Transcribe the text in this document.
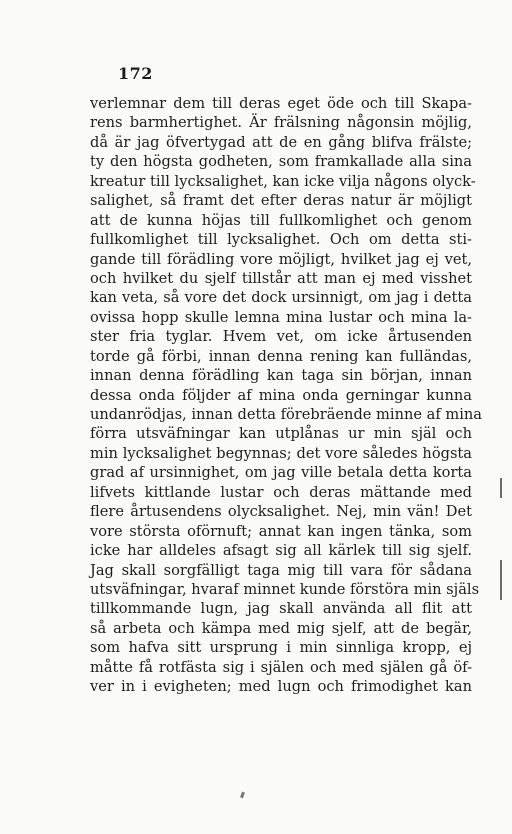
172
verlemnar dem till deras eget öde och till Skapa-
rens barmhertighet. Är frälsning någonsin möjlig,
då är jag öfvertygad att de en gång blifva frälste;
ty den högsta godheten, som framkallade alla sina
kreatur till lycksalighet, kan icke vilja någons olyck-
salighet, så framt det efter deras natur är möjligt
att de kunna höjas till fullkomlighet och genom
fullkomlighet till lycksalighet. Och om detta sti-
gande till förädling vore möjligt, hvilket jag ej vet,
och hvilket du sjelf tillstår att man ej med visshet
kan veta, så vore det dock ursinnigt, om jag i detta
ovissa hopp skulle lemna mina lustar och mina la-
ster fria tyglar. Hvem vet, om icke årtusenden
torde gå förbi, innan denna rening kan fulländas,
innan denna förädling kan taga sin början, innan
dessa onda följder af mina onda gerningar kunna
undanrödjas, innan detta förebräende minne af mina
förra utsväfningar kan utplånas ur min själ och
min lycksalighet begynnas; det vore således högsta
grad af ursinnighet, om jag ville betala detta korta
lifvets kittlande lustar och deras mättande med
flere årtusendens olycksalighet. Nej, min vän! Det
vore största oförnuft; annat kan ingen tänka, som
icke har alldeles afsagt sig all kärlek till sig sjelf.
Jag skall sorgfälligt taga mig till vara för sådana
utsväfningar, hvaraf minnet kunde förstöra min själs
tillkommande lugn, jag skall använda all flit att
så arbeta och kämpa med mig sjelf, att de begär,
som hafva sitt ursprung i min sinnliga kropp, ej
måtte få rotfästa sig i själen och med själen gå öf-
ver in i evigheten; med lugn och frimodighet kan
